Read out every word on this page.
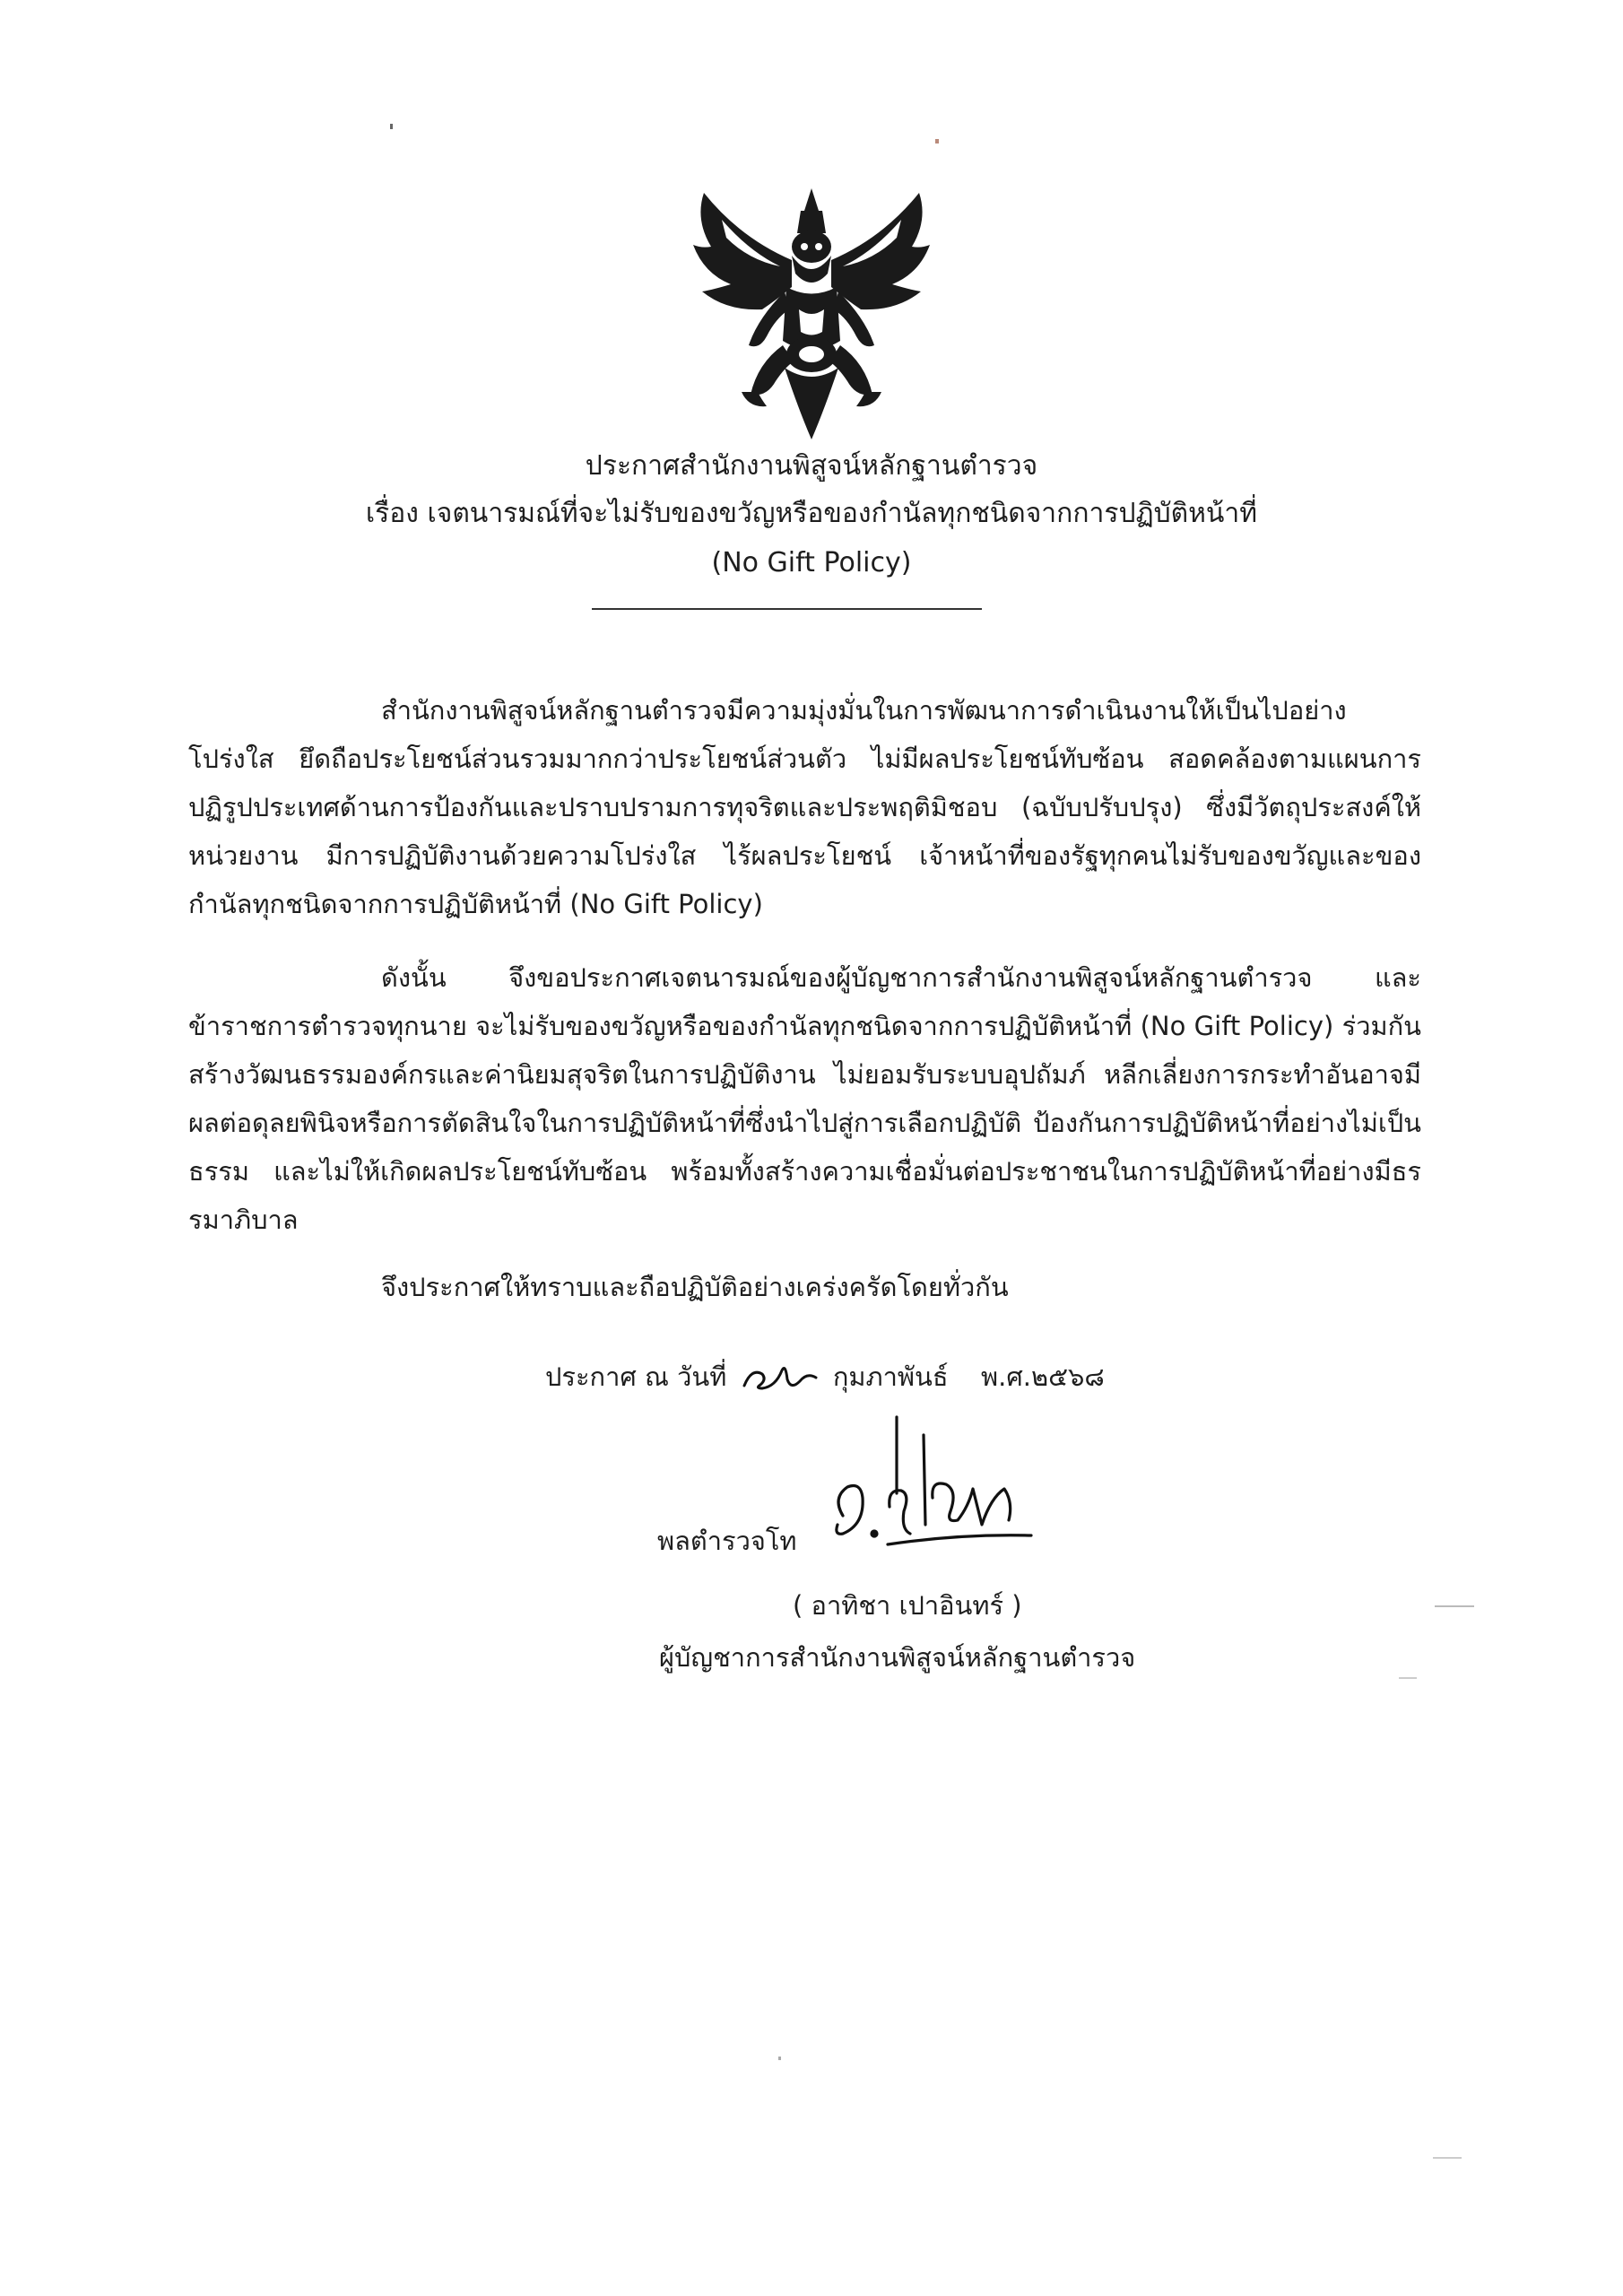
ประกาศสำนักงานพิสูจน์หลักฐานตำรวจ
เรื่อง เจตนารมณ์ที่จะไม่รับของขวัญหรือของกำนัลทุกชนิดจากการปฏิบัติหน้าที่
(No Gift Policy)

สำนักงานพิสูจน์หลักฐานตำรวจมีความมุ่งมั่นในการพัฒนาการดำเนินงานให้เป็นไปอย่างโปร่งใส ยึดถือประโยชน์ส่วนรวมมากกว่าประโยชน์ส่วนตัว ไม่มีผลประโยชน์ทับซ้อน สอดคล้องตามแผนการปฏิรูปประเทศด้านการป้องกันและปราบปรามการทุจริตและประพฤติมิชอบ (ฉบับปรับปรุง) ซึ่งมีวัตถุประสงค์ให้หน่วยงาน มีการปฏิบัติงานด้วยความโปร่งใส ไร้ผลประโยชน์ เจ้าหน้าที่ของรัฐทุกคนไม่รับของขวัญและของกำนัลทุกชนิดจากการปฏิบัติหน้าที่ (No Gift Policy)

ดังนั้น จึงขอประกาศเจตนารมณ์ของผู้บัญชาการสำนักงานพิสูจน์หลักฐานตำรวจ และข้าราชการตำรวจทุกนาย จะไม่รับของขวัญหรือของกำนัลทุกชนิดจากการปฏิบัติหน้าที่ (No Gift Policy) ร่วมกันสร้างวัฒนธรรมองค์กรและค่านิยมสุจริตในการปฏิบัติงาน ไม่ยอมรับระบบอุปถัมภ์ หลีกเลี่ยงการกระทำอันอาจมีผลต่อดุลยพินิจหรือการตัดสินใจในการปฏิบัติหน้าที่ซึ่งนำไปสู่การเลือกปฏิบัติ ป้องกันการปฏิบัติหน้าที่อย่างไม่เป็นธรรม และไม่ให้เกิดผลประโยชน์ทับซ้อน พร้อมทั้งสร้างความเชื่อมั่นต่อประชาชนในการปฏิบัติหน้าที่อย่างมีธรรมาภิบาล

จึงประกาศให้ทราบและถือปฏิบัติอย่างเคร่งครัดโดยทั่วกัน
ประกาศ ณ วันที่	กุมภาพันธ์ พ.ศ.๒๕๖๘
พลตำรวจโท
( อาทิชา เปาอินทร์ )
ผู้บัญชาการสำนักงานพิสูจน์หลักฐานตำรวจ
